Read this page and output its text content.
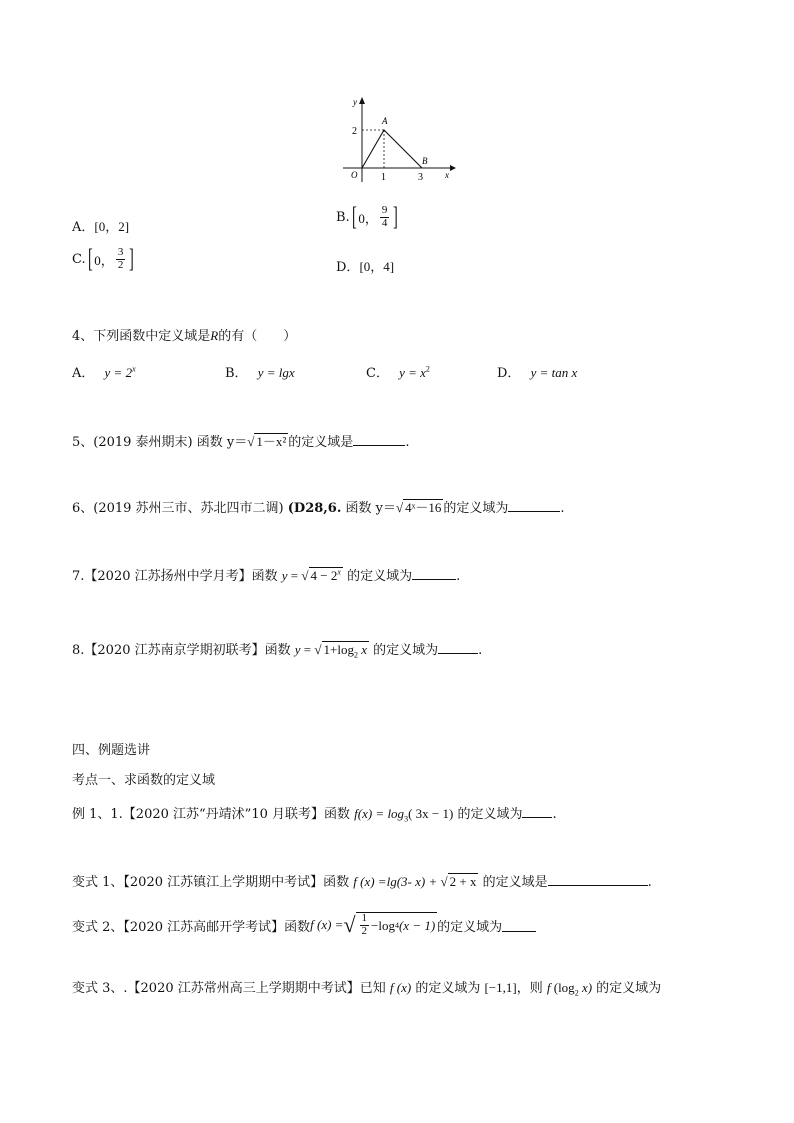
y
x
O
2
1	3
A
B
A．[0，2]
B. [ 0， $\frac{9}{4}$ ]
C. [ 0， $\frac{3}{2}$ ]	D．[0，4]
4、下列函数中定义域是R的有（　　）
A． $y = 2^x$	B． y = lgx	C． $y = x^2$	D． y = tan x
5、(2019 泰州期末) 函数 y＝√ 1－x² 的定义域是	.
6、(2019 苏州三市、苏北四市二调) (D28,6. 函数 y＝√ 4ˣ－16 的定义域为	.
7.【2020 江苏扬州中学月考】函数 y = √ $4 - 2^x$ 的定义域为	.
8.【2020 江苏南京学期初联考】函数 y = √ $1+\log_2$ x 的定义域为	.
四、例题选讲
考点一、求函数的定义域
例 1、1.【2020 江苏“丹靖沭”10 月联考】函数 $f(x) = \log_3$( 3x − 1) 的定义域为 .
变式 1、【2020 江苏镇江上学期期中考试】函数 f (x) =lg(3- x) + √ 2 + x 的定义域是	.
变式 2、【2020 江苏高邮开学考试】函数 f (x) = √ $\frac{1}{2} -\log$ 4 (x − 1) 的定义域为
变式 3、.【2020 江苏常州高三上学期期中考试】已知 f (x) 的定义域为 [−1,1]，则 f ($\log_2$ x) 的定义域为
